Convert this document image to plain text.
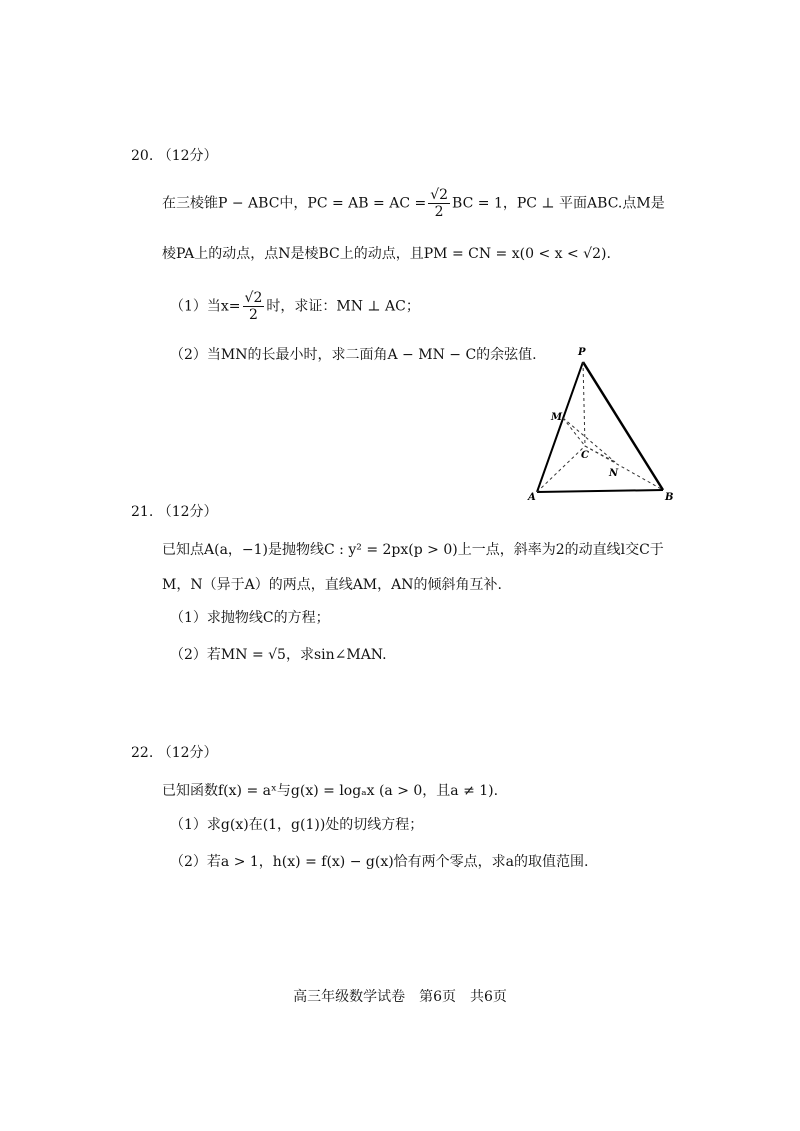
20. （12分）
在三棱锥P − ABC中，PC = AB = AC = $\frac{√2}{2}$ BC = 1，PC ⊥ 平面ABC.点M是
棱PA上的动点，点N是棱BC上的动点，且PM = CN = x(0 < x < √2).
（1）当$x= \frac{√2}{2}$ 时，求证：MN ⊥ AC；
（2）当MN的长最小时，求二面角A − MN − C的余弦值.	P
M
C
N
A	B
21. （12分）
已知点A(a，−1)是抛物线C : y² = 2px(p > 0)上一点，斜率为2的动直线l交C于
M，N（异于A）的两点，直线AM，AN的倾斜角互补.
（1）求抛物线C的方程；
（2）若MN = √5，求sin∠MAN.
22. （12分）
已知函数f(x) = aˣ与g(x) = logₐx (a > 0，且a ≠ 1).
（1）求g(x)在(1，g(1))处的切线方程；
（2）若a > 1，h(x) = f(x) − g(x)恰有两个零点，求a的取值范围.
高三年级数学试卷　第6页　共6页
